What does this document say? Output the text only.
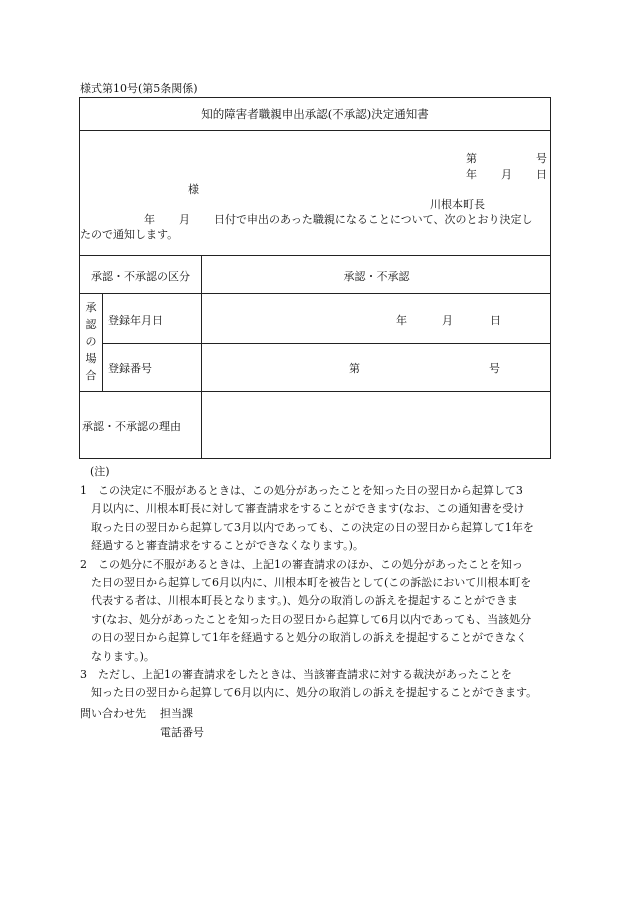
様式第10号(第5条関係)
知的障害者職親申出承認(不承認)決定通知書
第	号
年 月 日
様
川根本町長
年 月 日付で申出のあった職親になることについて、次のとおり決定し
たので通知します。
承認・不承認の区分	承認・不承認
承
認
の
場
合
登録年月日	年	月	日
登録番号	第	号
承認・不承認の理由
(注)
1　この決定に不服があるときは、この処分があったことを知った日の翌日から起算して3
　月以内に、川根本町長に対して審査請求をすることができます(なお、この通知書を受け
　取った日の翌日から起算して3月以内であっても、この決定の日の翌日から起算して1年を
　経過すると審査請求をすることができなくなります。)。
2　この処分に不服があるときは、上記1の審査請求のほか、この処分があったことを知っ
　た日の翌日から起算して6月以内に、川根本町を被告として(この訴訟において川根本町を
　代表する者は、川根本町長となります。)、処分の取消しの訴えを提起することができま
　す(なお、処分があったことを知った日の翌日から起算して6月以内であっても、当該処分
　の日の翌日から起算して1年を経過すると処分の取消しの訴えを提起することができなく
　なります。)。
3　ただし、上記1の審査請求をしたときは、当該審査請求に対する裁決があったことを
　知った日の翌日から起算して6月以内に、処分の取消しの訴えを提起することができます。
問い合わせ先 担当課
電話番号
